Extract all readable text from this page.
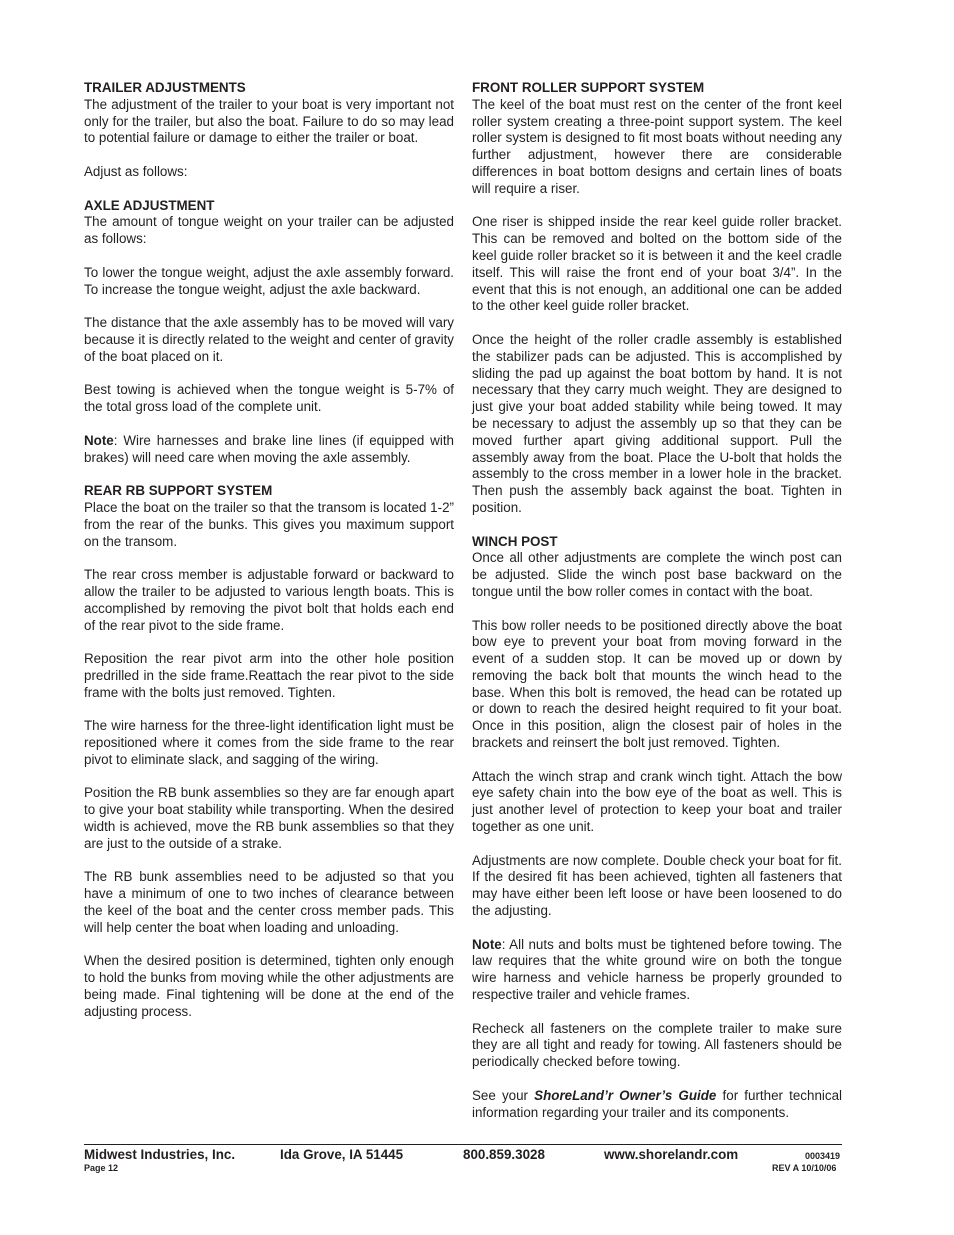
TRAILER ADJUSTMENTS

The adjustment of the trailer to your boat is very important not only for the trailer, but also the boat. Failure to do so may lead to potential failure or damage to either the trailer or boat.

Adjust as follows:

AXLE ADJUSTMENT

The amount of tongue weight on your trailer can be adjusted as follows:

To lower the tongue weight, adjust the axle assembly forward. To increase the tongue weight, adjust the axle backward.

The distance that the axle assembly has to be moved will vary because it is directly related to the weight and center of gravity of the boat placed on it.

Best towing is achieved when the tongue weight is 5-7% of the total gross load of the complete unit.

Note: Wire harnesses and brake line lines (if equipped with brakes) will need care when moving the axle assembly.

REAR RB SUPPORT SYSTEM

Place the boat on the trailer so that the transom is located 1-2” from the rear of the bunks. This gives you maximum support on the transom.

The rear cross member is adjustable forward or backward to allow the trailer to be adjusted to various length boats. This is accomplished by removing the pivot bolt that holds each end of the rear pivot to the side frame.

Reposition the rear pivot arm into the other hole position predrilled in the side frame.Reattach the rear pivot to the side frame with the bolts just removed. Tighten.

The wire harness for the three-light identification light must be repositioned where it comes from the side frame to the rear pivot to eliminate slack, and sagging of the wiring.

Position the RB bunk assemblies so they are far enough apart to give your boat stability while transporting. When the desired width is achieved, move the RB bunk assemblies so that they are just to the outside of a strake.

The RB bunk assemblies need to be adjusted so that you have a minimum of one to two inches of clearance between the keel of the boat and the center cross member pads. This will help center the boat when loading and unloading.

When the desired position is determined, tighten only enough to hold the bunks from moving while the other adjustments are being made. Final tightening will be done at the end of the adjusting process.

FRONT ROLLER SUPPORT SYSTEM

The keel of the boat must rest on the center of the front keel roller system creating a three-point support system. The keel roller system is designed to fit most boats without needing any further adjustment, however there are considerable differences in boat bottom designs and certain lines of boats will require a riser.

One riser is shipped inside the rear keel guide roller bracket. This can be removed and bolted on the bottom side of the keel guide roller bracket so it is between it and the keel cradle itself. This will raise the front end of your boat 3/4”. In the event that this is not enough, an additional one can be added to the other keel guide roller bracket.

Once the height of the roller cradle assembly is established the stabilizer pads can be adjusted. This is accomplished by sliding the pad up against the boat bottom by hand. It is not necessary that they carry much weight. They are designed to just give your boat added stability while being towed. It may be necessary to adjust the assembly up so that they can be moved further apart giving additional support. Pull the assembly away from the boat. Place the U-bolt that holds the assembly to the cross member in a lower hole in the bracket. Then push the assembly back against the boat. Tighten in position.

WINCH POST

Once all other adjustments are complete the winch post can be adjusted. Slide the winch post base backward on the tongue until the bow roller comes in contact with the boat.

This bow roller needs to be positioned directly above the boat bow eye to prevent your boat from moving forward in the event of a sudden stop. It can be moved up or down by removing the back bolt that mounts the winch head to the base. When this bolt is removed, the head can be rotated up or down to reach the desired height required to fit your boat. Once in this position, align the closest pair of holes in the brackets and reinsert the bolt just removed. Tighten.

Attach the winch strap and crank winch tight. Attach the bow eye safety chain into the bow eye of the boat as well. This is just another level of protection to keep your boat and trailer together as one unit.

Adjustments are now complete. Double check your boat for fit. If the desired fit has been achieved, tighten all fasteners that may have either been left loose or have been loosened to do the adjusting.

Note: All nuts and bolts must be tightened before towing. The law requires that the white ground wire on both the tongue wire harness and vehicle harness be properly grounded to respective trailer and vehicle frames.

Recheck all fasteners on the complete trailer to make sure they are all tight and ready for towing. All fasteners should be periodically checked before towing.

See your ShoreLand’r Owner’s Guide for further technical information regarding your trailer and its components.

Midwest Industries, Inc.	Ida Grove, IA 51445	800.859.3028	www.shorelandr.com	0003419
Page 12	REV A 10/10/06
